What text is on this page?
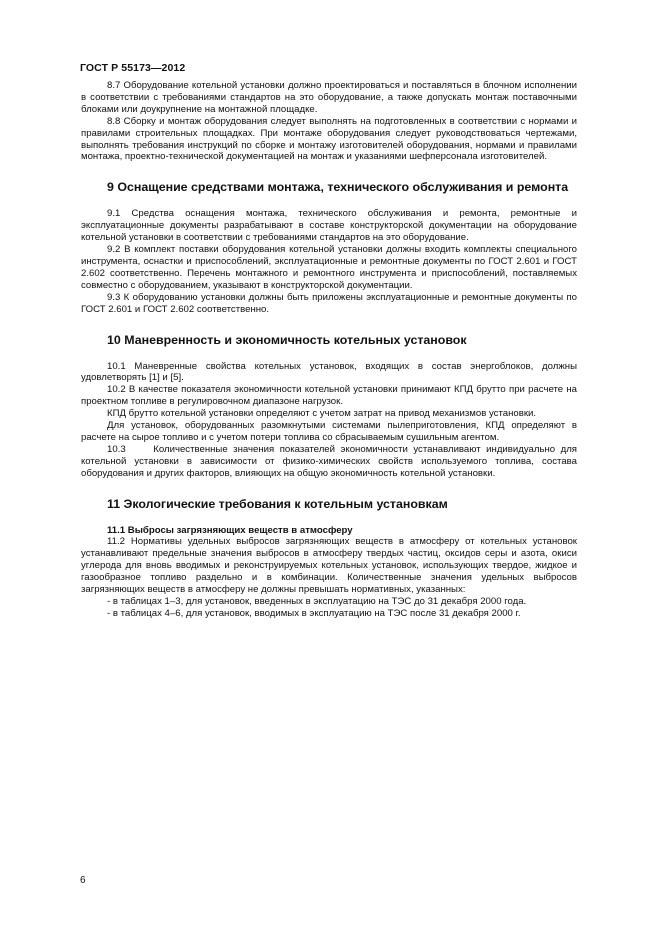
ГОСТ Р 55173—2012

8.7 Оборудование котельной установки должно проектироваться и поставляться в блочном исполнении в соответствии с требованиями стандартов на это оборудование, а также допускать монтаж поставочными блоками или доукрупнение на монтажной площадке.

8.8 Сборку и монтаж оборудования следует выполнять на подготовленных в соответствии с нормами и правилами строительных площадках. При монтаже оборудования следует руководствоваться чертежами, выполнять требования инструкций по сборке и монтажу изготовителей оборудования, нормами и правилами монтажа, проектно-технической документацией на монтаж и указаниями шефперсонала изготовителей.

9 Оснащение средствами монтажа, технического обслуживания и ремонта

9.1 Средства оснащения монтажа, технического обслуживания и ремонта, ремонтные и эксплуатационные документы разрабатывают в составе конструкторской документации на оборудование котельной установки в соответствии с требованиями стандартов на это оборудование.

9.2 В комплект поставки оборудования котельной установки должны входить комплекты специального инструмента, оснастки и приспособлений, эксплуатационные и ремонтные документы по ГОСТ 2.601 и ГОСТ 2.602 соответственно. Перечень монтажного и ремонтного инструмента и приспособлений, поставляемых совместно с оборудованием, указывают в конструкторской документации.

9.3 К оборудованию установки должны быть приложены эксплуатационные и ремонтные документы по ГОСТ 2.601 и ГОСТ 2.602 соответственно.

10 Маневренность и экономичность котельных установок

10.1 Маневренные свойства котельных установок, входящих в состав энергоблоков, должны удовлетворять [1] и [5].

10.2 В качестве показателя экономичности котельной установки принимают КПД брутто при расчете на проектном топливе в регулировочном диапазоне нагрузок.

КПД брутто котельной установки определяют с учетом затрат на привод механизмов установки.

Для установок, оборудованных разомкнутыми системами пылеприготовления, КПД определяют в расчете на сырое топливо и с учетом потери топлива со сбрасываемым сушильным агентом.

10.3     Количественные значения показателей экономичности устанавливают индивидуально для котельной установки в зависимости от физико-химических свойств используемого топлива, состава оборудования и других факторов, влияющих на общую экономичность котельной установки.

11 Экологические требования к котельным установкам
11.1 Выбросы загрязняющих веществ в атмосферу

11.2 Нормативы удельных выбросов загрязняющих веществ в атмосферу от котельных установок устанавливают предельные значения выбросов в атмосферу твердых частиц, оксидов серы и азота, окиси углерода для вновь вводимых и реконструируемых котельных установок, использующих твердое, жидкое и газообразное топливо раздельно и в комбинации. Количественные значения удельных выбросов загрязняющих веществ в атмосферу не должны превышать нормативных, указанных:

- в таблицах 1–3, для установок, введенных в эксплуатацию на ТЭС до 31 декабря 2000 года.

- в таблицах 4–6, для установок, вводимых в эксплуатацию на ТЭС после 31 декабря 2000 г.

6
